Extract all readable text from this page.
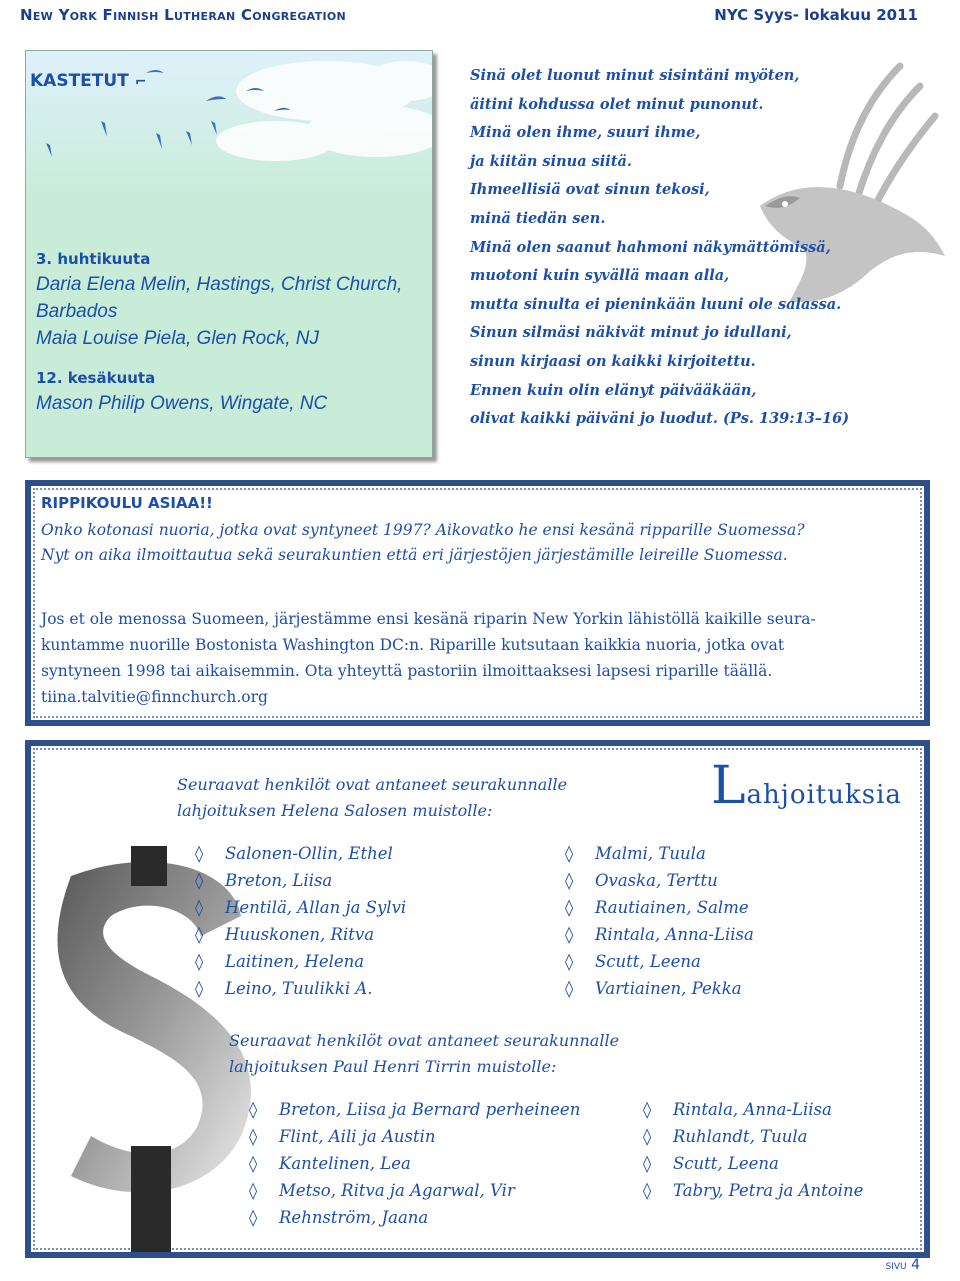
New York Finnish Lutheran Congregation	NYC Syys- lokakuu 2011
KASTETUT ⌐
3. huhtikuuta
Daria Elena Melin, Hastings, Christ Church, Barbados
Maia Louise Piela, Glen Rock, NJ
12. kesäkuuta
Mason Philip Owens, Wingate, NC
Sinä olet luonut minut sisintäni myöten,
äitini kohdussa olet minut punonut.
Minä olen ihme, suuri ihme,
ja kiitän sinua siitä.
Ihmeellisiä ovat sinun tekosi,
minä tiedän sen.
Minä olen saanut hahmoni näkymättömissä,
muotoni kuin syvällä maan alla,
mutta sinulta ei pieninkään luuni ole salassa.
Sinun silmäsi näkivät minut jo idullani,
sinun kirjaasi on kaikki kirjoitettu.
Ennen kuin olin elänyt päivääkään,
olivat kaikki päiväni jo luodut. (Ps. 139:13–16)
RIPPIKOULU ASIAA!!
Onko kotonasi nuoria, jotka ovat syntyneet 1997? Aikovatko he ensi kesänä ripparille Suomessa?
Nyt on aika ilmoittautua sekä seurakuntien että eri järjestöjen järjestämille leireille Suomessa.
Jos et ole menossa Suomeen, järjestämme ensi kesänä riparin New Yorkin lähistöllä kaikille seura-
kuntamme nuorille Bostonista Washington DC:n. Riparille kutsutaan kaikkia nuoria, jotka ovat
syntyneen 1998 tai aikaisemmin. Ota yhteyttä pastoriin ilmoittaaksesi lapsesi riparille täällä.
tiina.talvitie@finnchurch.org
Lahjoituksia
Seuraavat henkilöt ovat antaneet seurakunnalle
lahjoituksen Helena Salosen muistolle:
◊ Salonen-Ollin, Ethel
◊ Breton, Liisa
◊ Hentilä, Allan ja Sylvi
◊ Huuskonen, Ritva
◊ Laitinen, Helena
◊ Leino, Tuulikki A.
◊ Malmi, Tuula
◊ Ovaska, Terttu
◊ Rautiainen, Salme
◊ Rintala, Anna-Liisa
◊ Scutt, Leena
◊ Vartiainen, Pekka
Seuraavat henkilöt ovat antaneet seurakunnalle
lahjoituksen Paul Henri Tirrin muistolle:
◊ Breton, Liisa ja Bernard perheineen
◊ Flint, Aili ja Austin
◊ Kantelinen, Lea
◊ Metso, Ritva ja Agarwal, Vir
◊ Rehnström, Jaana
◊ Rintala, Anna-Liisa
◊ Ruhlandt, Tuula
◊ Scutt, Leena
◊ Tabry, Petra ja Antoine
sivu 4
